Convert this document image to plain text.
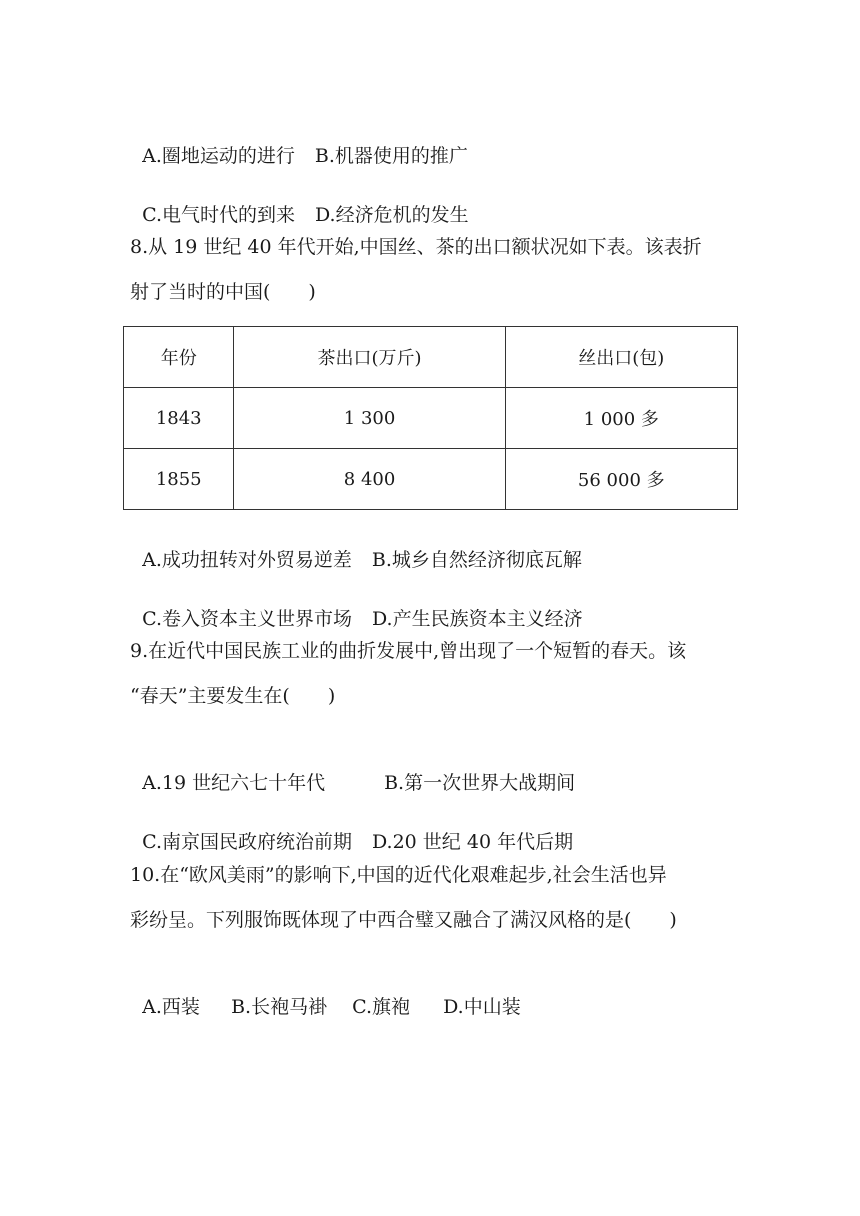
A.圈地运动的进行 B.机器使用的推广

C.电气时代的到来 D.经济危机的发生

8.从 19 世纪 40 年代开始,中国丝、茶的出口额状况如下表。该表折
射了当时的中国(　　)
年份	茶出口(万斤)	丝出口(包)
1843	1 300	1 000 多
1855	8 400	56 000 多

A.成功扭转对外贸易逆差 B.城乡自然经济彻底瓦解

C.卷入资本主义世界市场 D.产生民族资本主义经济

9.在近代中国民族工业的曲折发展中,曾出现了一个短暂的春天。该
“春天”主要发生在(　　)

A.19 世纪六七十年代	B.第一次世界大战期间

C.南京国民政府统治前期 D.20 世纪 40 年代后期

10.在“欧风美雨”的影响下,中国的近代化艰难起步,社会生活也异
彩纷呈。下列服饰既体现了中西合璧又融合了满汉风格的是(　　)

A.西装 B.长袍马褂 C.旗袍 D.中山装
